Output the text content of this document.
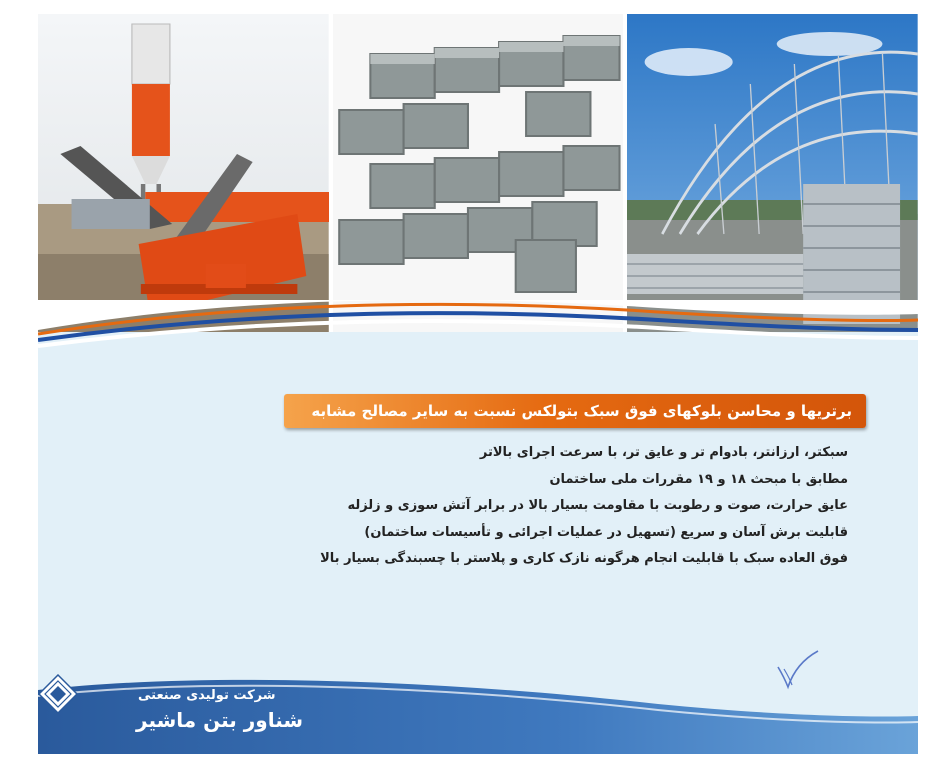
برتریها و محاسن بلوکهای فوق سبک بتولکس نسبت به سایر مصالح مشابه
سبکتر، ارزانتر، بادوام تر و عایق تر، با سرعت اجرای بالاتر
مطابق با مبحث ۱۸ و ۱۹ مقررات ملی ساختمان
عایق حرارت، صوت و رطوبت با مقاومت بسیار بالا در برابر آتش سوزی و زلزله
قابلیت برش آسان و سریع (تسهیل در عملیات اجرائی و تأسیسات ساختمان)
فوق العاده سبک با قابلیت انجام هرگونه نازک کاری و پلاستر با چسبندگی بسیار بالا
شرکت تولیدی صنعتی
شناور بتن ماشیر
